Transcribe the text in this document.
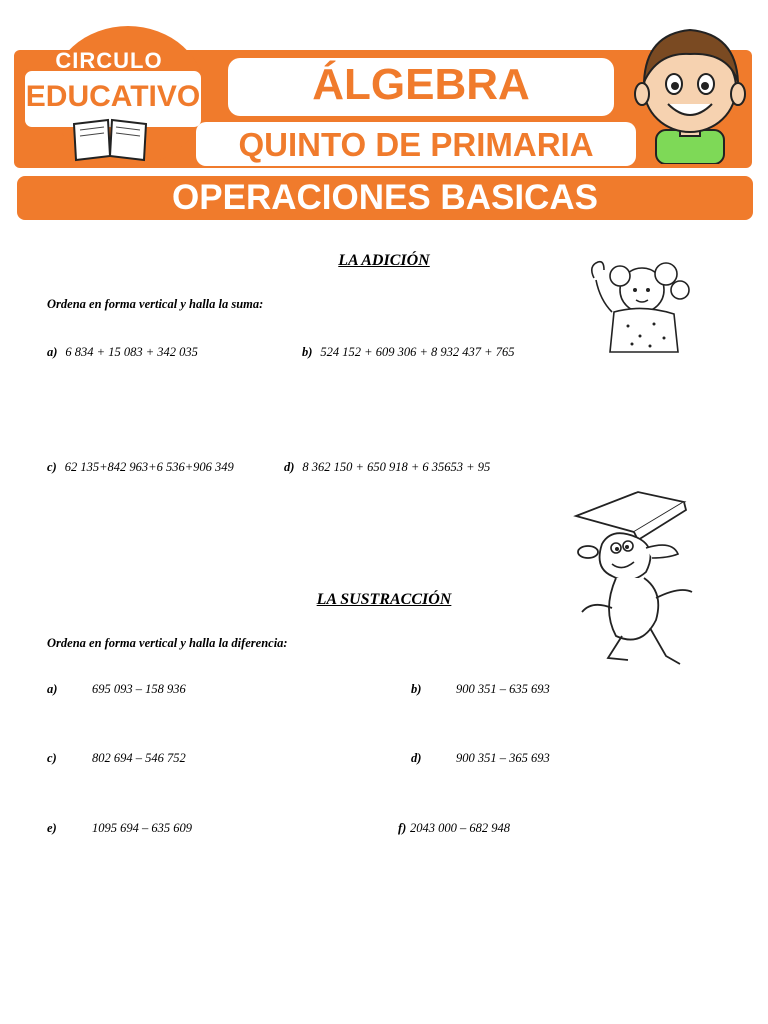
CIRCULO
EDUCATIVO	ÁLGEBRA
QUINTO DE PRIMARIA
OPERACIONES BASICAS
LA ADICIÓN
Ordena en forma vertical y halla la suma:
a) 6 834 + 15 083 + 342 035	b) 524 152 + 609 306 + 8 932 437 + 765
c) 62 135+842 963+6 536+906 349	d) 8 362 150 + 650 918 + 6 35653 + 95
LA SUSTRACCIÓN
Ordena en forma vertical y halla la diferencia:
a)	695 093 – 158 936	b)	900 351 – 635 693
c)	802 694 – 546 752	d)	900 351 – 365 693
e)	1095 694 – 635 609	f) 2043 000 – 682 948
